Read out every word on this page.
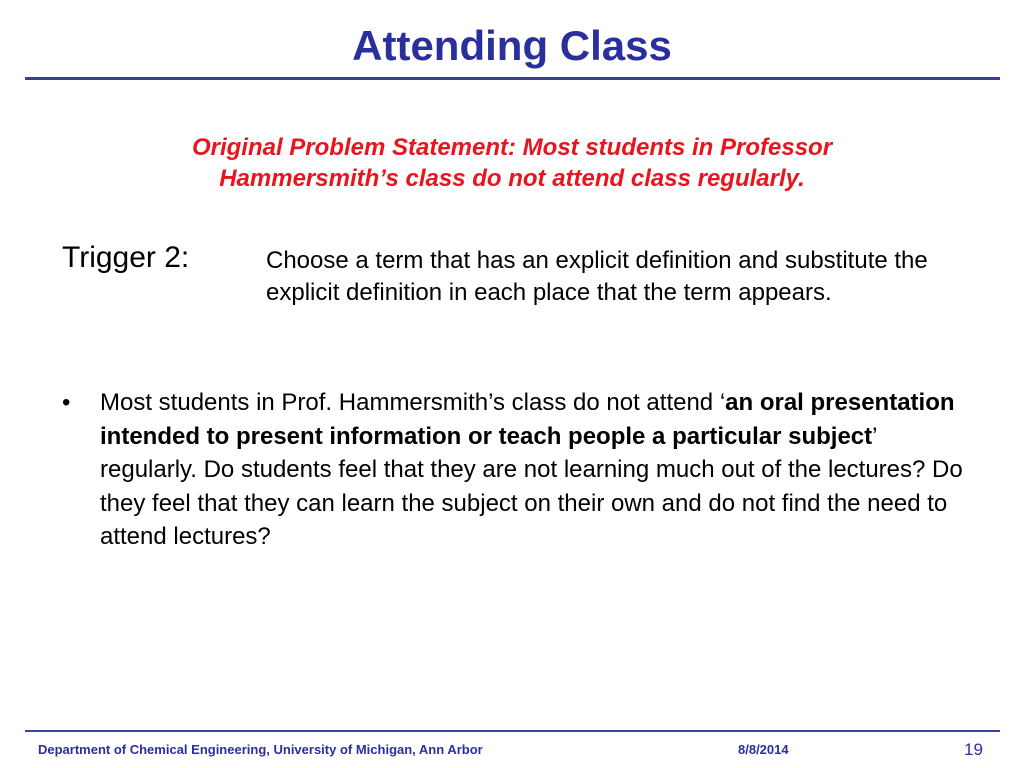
Attending Class
Original Problem Statement: Most students in Professor Hammersmith’s class do not attend class regularly.
Trigger 2:	Choose a term that has an explicit definition and substitute the explicit definition in each place that the term appears.
• Most students in Prof. Hammersmith’s class do not attend ‘an oral presentation intended to present information or teach people a particular subject’ regularly. Do students feel that they are not learning much out of the lectures? Do they feel that they can learn the subject on their own and do not find the need to attend lectures?
Department of Chemical Engineering, University of Michigan, Ann Arbor	8/8/2014	19
